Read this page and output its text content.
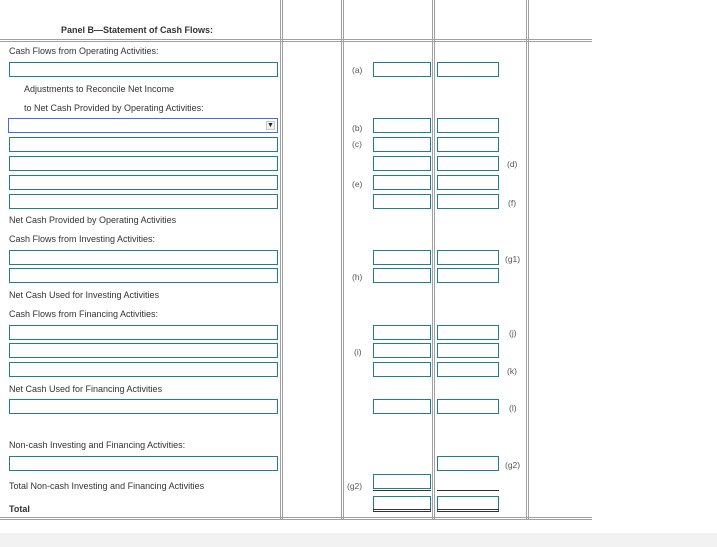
Panel B—Statement of Cash Flows:
Cash Flows from Operating Activities:
(a)
Adjustments to Reconcile Net Income
to Net Cash Provided by Operating Activities:
▼	(b)
(c)
(d)
(e)
(f)
Net Cash Provided by Operating Activities
Cash Flows from Investing Activities:
(g1)
(h)
Net Cash Used for Investing Activities
Cash Flows from Financing Activities:
(j)
(i)
(k)
Net Cash Used for Financing Activities
(l)
Non-cash Investing and Financing Activities:
(g2)
Total Non-cash Investing and Financing Activities	(g2)
Total
